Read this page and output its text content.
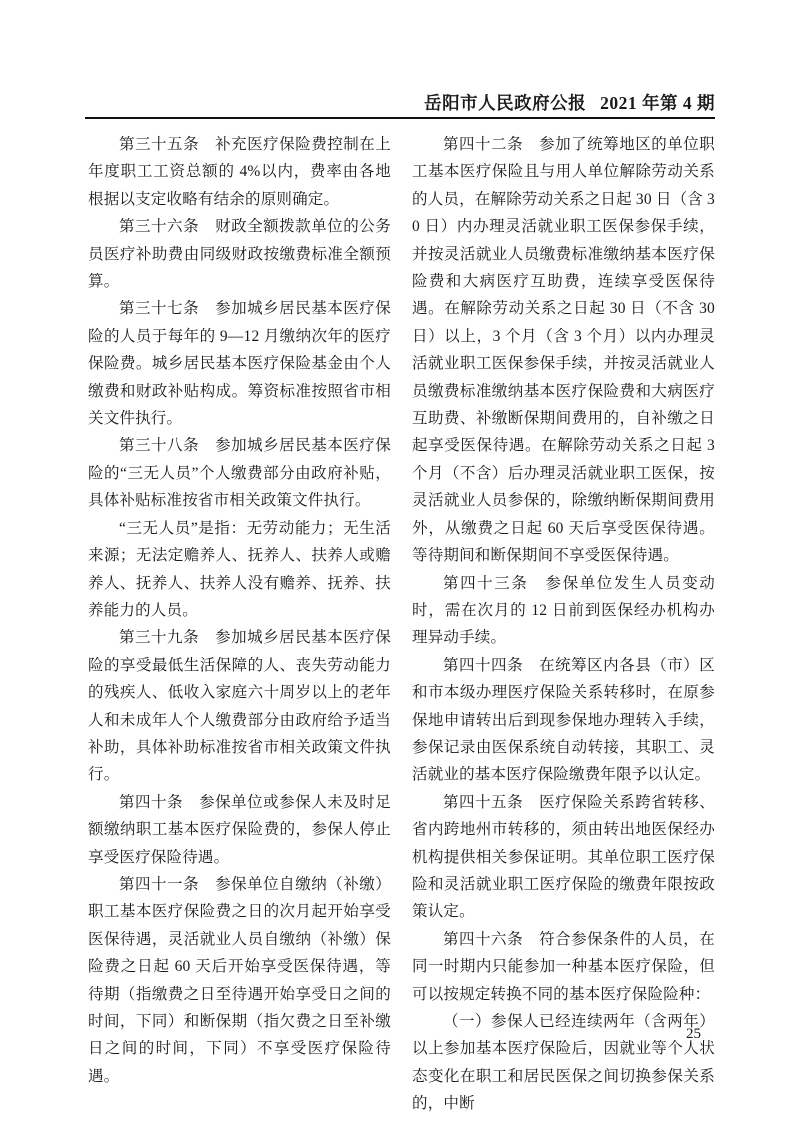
岳阳市人民政府公报 2021 年第 4 期

第三十五条　补充医疗保险费控制在上年度职工工资总额的 4%以内，费率由各地根据以支定收略有结余的原则确定。

第三十六条　财政全额拨款单位的公务员医疗补助费由同级财政按缴费标准全额预算。

第三十七条　参加城乡居民基本医疗保险的人员于每年的 9—12 月缴纳次年的医疗保险费。城乡居民基本医疗保险基金由个人缴费和财政补贴构成。筹资标准按照省市相关文件执行。

第三十八条　参加城乡居民基本医疗保险的“三无人员”个人缴费部分由政府补贴，具体补贴标准按省市相关政策文件执行。

“三无人员”是指：无劳动能力；无生活来源；无法定赡养人、抚养人、扶养人或赡养人、抚养人、扶养人没有赡养、抚养、扶养能力的人员。

第三十九条　参加城乡居民基本医疗保险的享受最低生活保障的人、丧失劳动能力的残疾人、低收入家庭六十周岁以上的老年人和未成年人个人缴费部分由政府给予适当补助，具体补助标准按省市相关政策文件执行。

第四十条　参保单位或参保人未及时足额缴纳职工基本医疗保险费的，参保人停止享受医疗保险待遇。

第四十一条　参保单位自缴纳（补缴）职工基本医疗保险费之日的次月起开始享受医保待遇，灵活就业人员自缴纳（补缴）保险费之日起 60 天后开始享受医保待遇，等待期（指缴费之日至待遇开始享受日之间的时间，下同）和断保期（指欠费之日至补缴日之间的时间，下同）不享受医疗保险待遇。

第四十二条　参加了统筹地区的单位职工基本医疗保险且与用人单位解除劳动关系的人员，在解除劳动关系之日起 30 日（含 30 日）内办理灵活就业职工医保参保手续，并按灵活就业人员缴费标准缴纳基本医疗保险费和大病医疗互助费，连续享受医保待遇。在解除劳动关系之日起 30 日（不含 30 日）以上，3 个月（含 3 个月）以内办理灵活就业职工医保参保手续，并按灵活就业人员缴费标准缴纳基本医疗保险费和大病医疗互助费、补缴断保期间费用的，自补缴之日起享受医保待遇。在解除劳动关系之日起 3 个月（不含）后办理灵活就业职工医保，按灵活就业人员参保的，除缴纳断保期间费用外，从缴费之日起 60 天后享受医保待遇。等待期间和断保期间不享受医保待遇。

第四十三条　参保单位发生人员变动时，需在次月的 12 日前到医保经办机构办理异动手续。

第四十四条　在统筹区内各县（市）区和市本级办理医疗保险关系转移时，在原参保地申请转出后到现参保地办理转入手续，参保记录由医保系统自动转接，其职工、灵活就业的基本医疗保险缴费年限予以认定。

第四十五条　医疗保险关系跨省转移、省内跨地州市转移的，须由转出地医保经办机构提供相关参保证明。其单位职工医疗保险和灵活就业职工医疗保险的缴费年限按政策认定。

第四十六条　符合参保条件的人员，在同一时期内只能参加一种基本医疗保险，但可以按规定转换不同的基本医疗保险险种：

（一）参保人已经连续两年（含两年）以上参加基本医疗保险后，因就业等个人状态变化在职工和居民医保之间切换参保关系的，中断

25
